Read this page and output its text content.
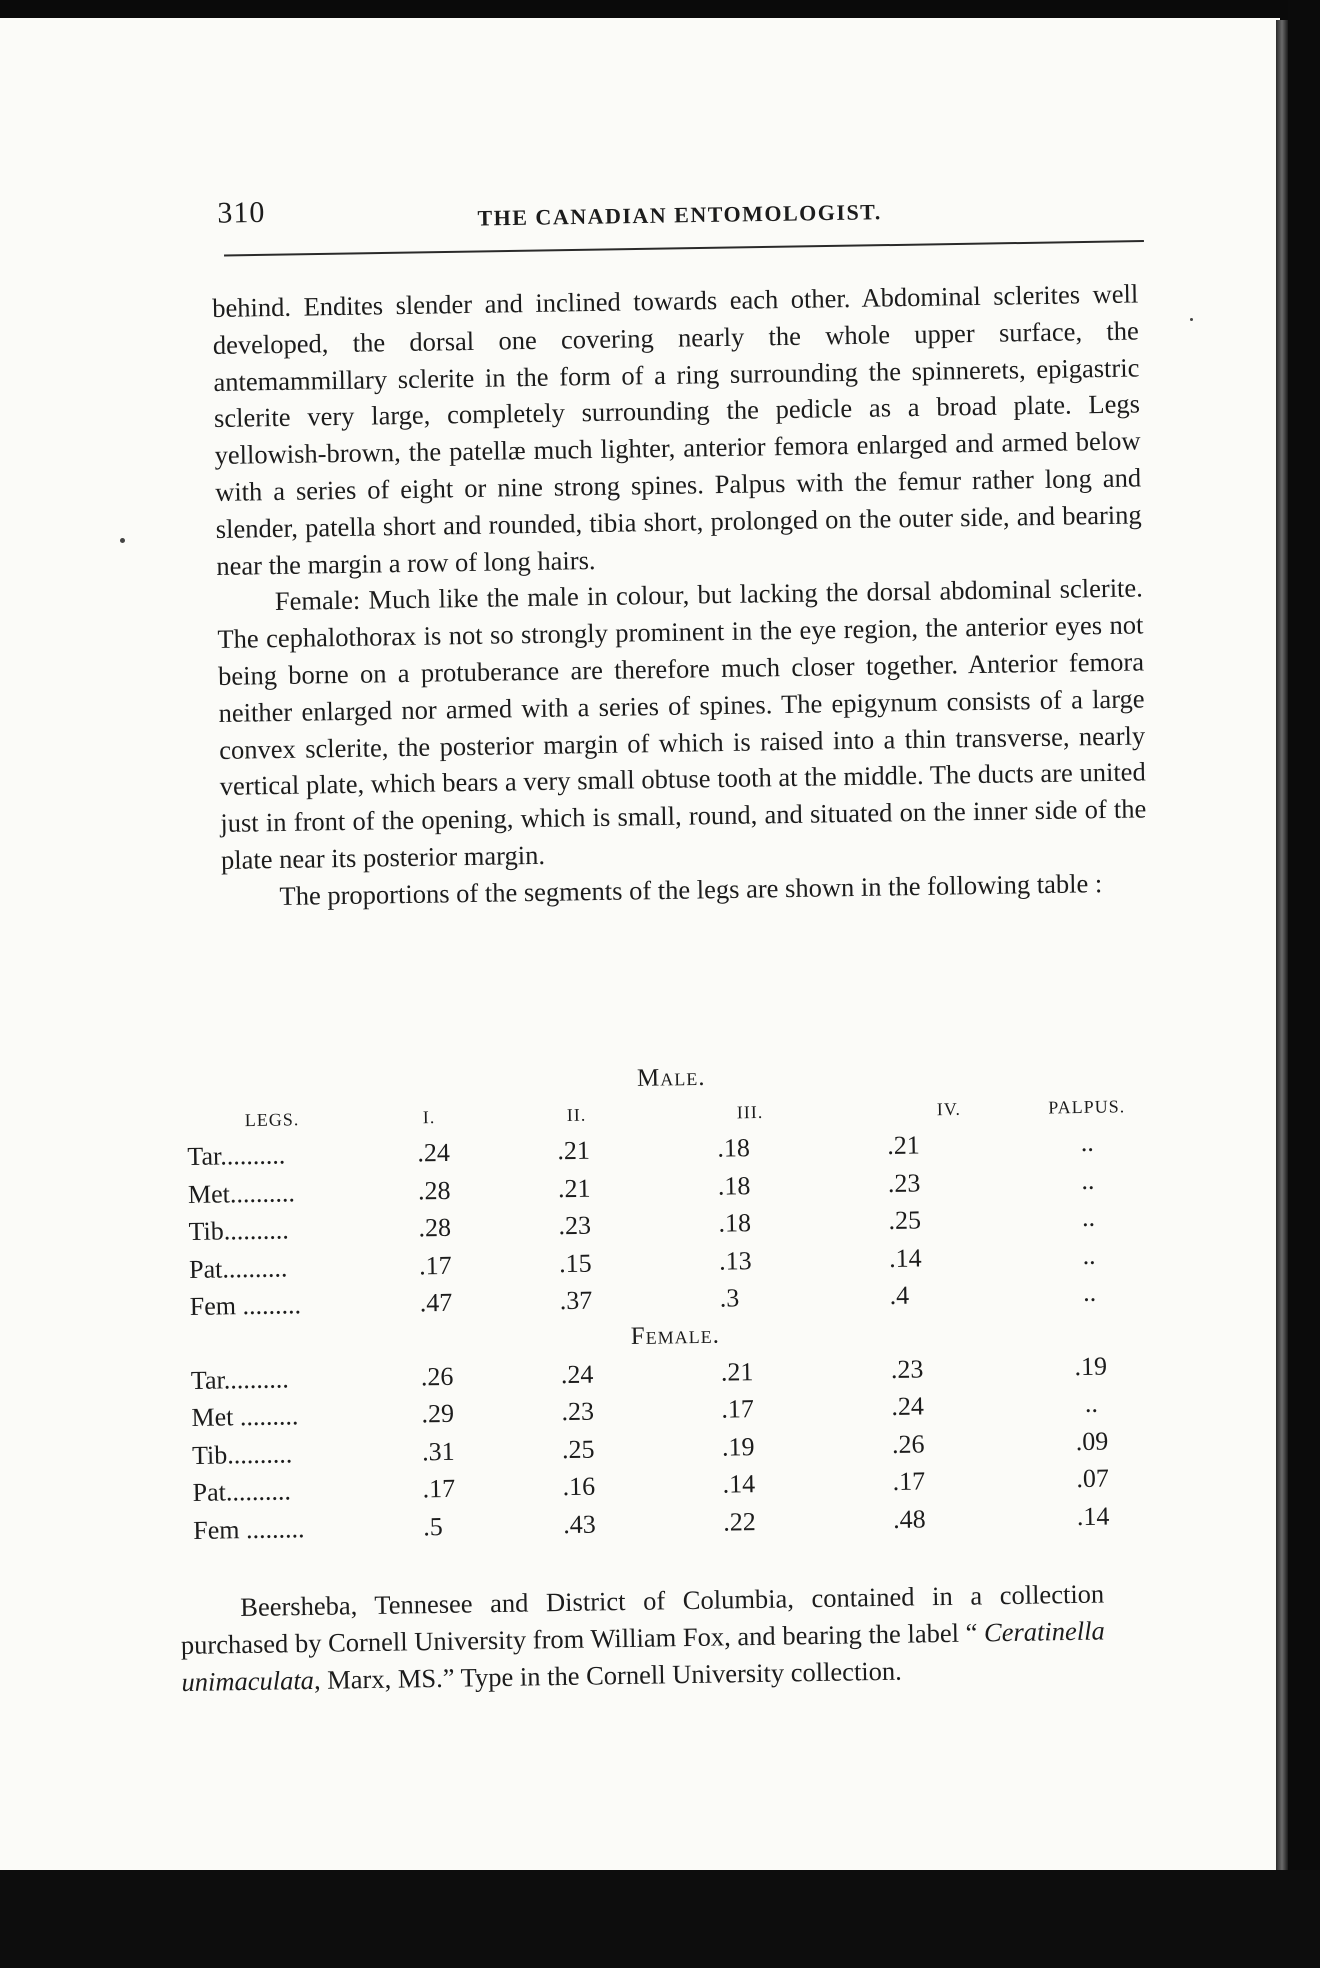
310	THE CANADIAN ENTOMOLOGIST.

behind. Endites slender and inclined towards each other. Abdominal sclerites well developed, the dorsal one covering nearly the whole upper surface, the antemammillary sclerite in the form of a ring surrounding the spinnerets, epigastric sclerite very large, completely surrounding the pedicle as a broad plate. Legs yellowish-brown, the patellæ much lighter, anterior femora enlarged and armed below with a series of eight or nine strong spines. Palpus with the femur rather long and slender, patella short and rounded, tibia short, prolonged on the outer side, and bearing near the margin a row of long hairs.

Female: Much like the male in colour, but lacking the dorsal abdominal sclerite. The cephalothorax is not so strongly prominent in the eye region, the anterior eyes not being borne on a protuberance are therefore much closer together. Anterior femora neither enlarged nor armed with a series of spines. The epigynum consists of a large convex sclerite, the posterior margin of which is raised into a thin transverse, nearly vertical plate, which bears a very small obtuse tooth at the middle. The ducts are united just in front of the opening, which is small, round, and situated on the inner side of the plate near its posterior margin.

The proportions of the segments of the legs are shown in the following table :

Male.
LEGS.	I.	II.	III.	IV.	PALPUS.
Tar..........	.24	.21	.18	.21	..
Met..........	.28	.21	.18	.23	..
Tib..........	.28	.23	.18	.25	..
Pat..........	.17	.15	.13	.14	..
Fem .........	.47	.37	.3	.4	..
Female.
Tar..........	.26	.24	.21	.23	.19
Met .........	.29	.23	.17	.24	..
Tib..........	.31	.25	.19	.26	.09
Pat..........	.17	.16	.14	.17	.07
Fem .........	.5	.43	.22	.48	.14

Beersheba, Tennesee and District of Columbia, contained in a collection purchased by Cornell University from William Fox, and bearing the label “ Ceratinella unimaculata, Marx, MS.” Type in the Cornell University collection.
